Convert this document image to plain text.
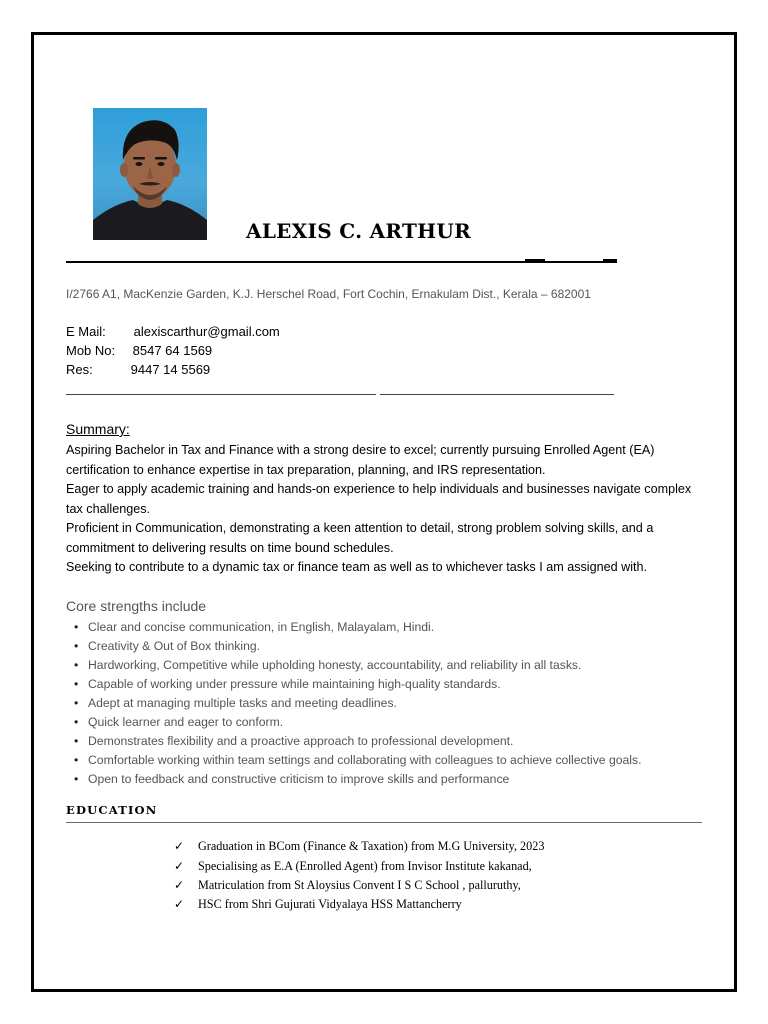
ALEXIS C. ARTHUR
I/2766 A1, MacKenzie Garden, K.J. Herschel Road, Fort Cochin, Ernakulam Dist., Kerala – 682001
E Mail: alexiscarthur@gmail.com
Mob No: 8547 64 1569
Res:	9447 14 5569
Summary:

Aspiring Bachelor in Tax and Finance with a strong desire to excel; currently pursuing Enrolled Agent (EA) certification to enhance expertise in tax preparation, planning, and IRS representation.

Eager to apply academic training and hands-on experience to help individuals and businesses navigate complex tax challenges.

Proficient in Communication, demonstrating a keen attention to detail, strong problem solving skills, and a commitment to delivering results on time bound schedules.

Seeking to contribute to a dynamic tax or finance team as well as to whichever tasks I am assigned with.

Core strengths include
• Clear and concise communication, in English, Malayalam, Hindi.
• Creativity & Out of Box thinking.
• Hardworking, Competitive while upholding honesty, accountability, and reliability in all tasks.
• Capable of working under pressure while maintaining high-quality standards.
• Adept at managing multiple tasks and meeting deadlines.
• Quick learner and eager to conform.
• Demonstrates flexibility and a proactive approach to professional development.
• Comfortable working within team settings and collaborating with colleagues to achieve collective goals.
• Open to feedback and constructive criticism to improve skills and performance
EDUCATION
✓ Graduation in BCom (Finance & Taxation) from M.G University, 2023
✓ Specialising as E.A (Enrolled Agent) from Invisor Institute kakanad,
✓ Matriculation from St Aloysius Convent I S C School , palluruthy,
✓ HSC from Shri Gujurati Vidyalaya HSS Mattancherry
